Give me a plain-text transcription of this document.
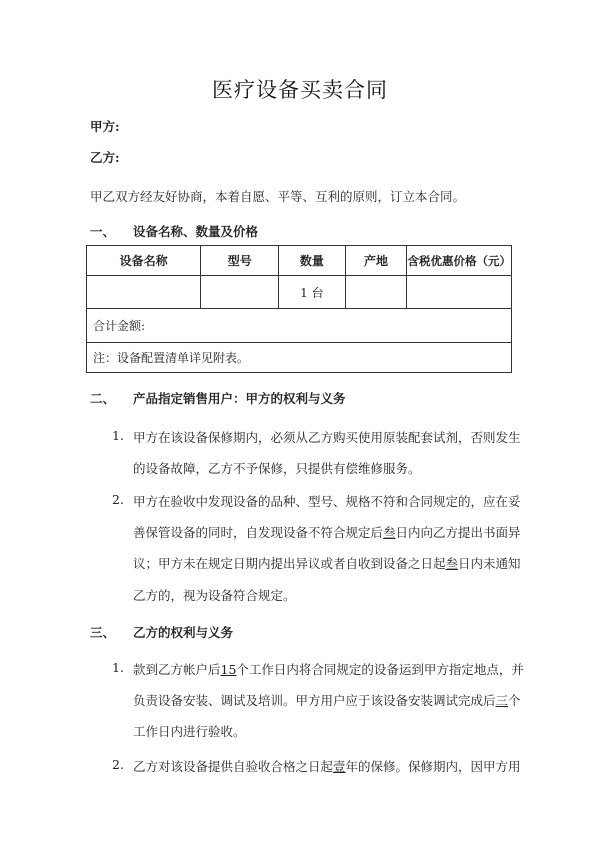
医疗设备买卖合同
甲方:
乙方:
甲乙双方经友好协商，本着自愿、平等、互利的原则，订立本合同。
一、 设备名称、数量及价格
设备名称	型号	数量	产地	含税优惠价格（元）
		1 台		
合计金额:				
注：设备配置清单详见附表。				
二、 产品指定销售用户：甲方的权利与义务
1. 甲方在该设备保修期内，必须从乙方购买使用原装配套试剂，否则发生
的设备故障，乙方不予保修，只提供有偿维修服务。
2. 甲方在验收中发现设备的品种、型号、规格不符和合同规定的，应在妥
善保管设备的同时，自发现设备不符合规定后叁日内向乙方提出书面异
议；甲方未在规定日期内提出异议或者自收到设备之日起叁日内未通知
乙方的，视为设备符合规定。
三、 乙方的权利与义务
1. 款到乙方帐户后15个工作日内将合同规定的设备运到甲方指定地点，并
负责设备安装、调试及培训。甲方用户应于该设备安装调试完成后三个
工作日内进行验收。
2. 乙方对该设备提供自验收合格之日起壹年的保修。保修期内，因甲方用
